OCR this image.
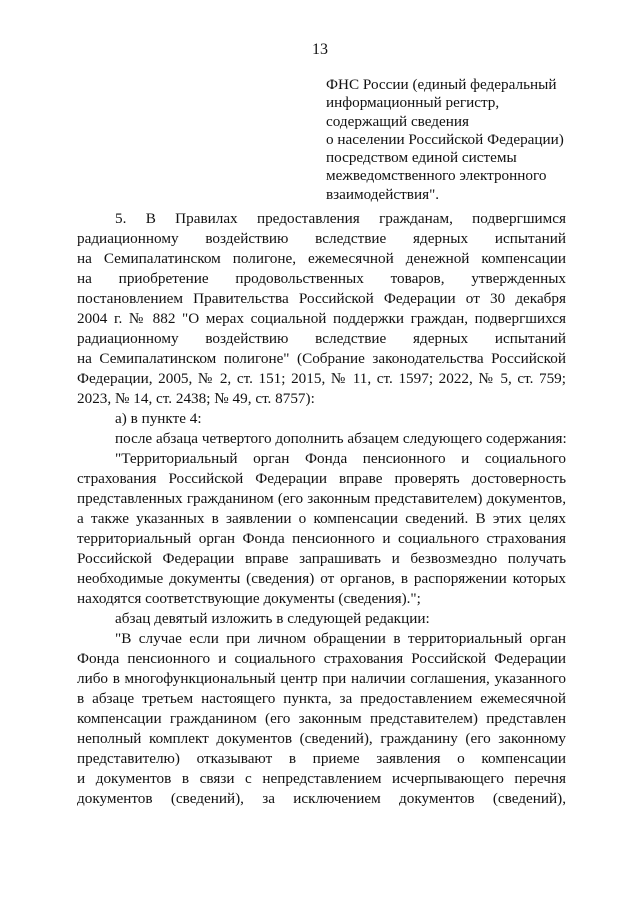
13
ФНС России (единый федеральный
информационный регистр,
содержащий сведения
о населении Российской Федерации)
посредством единой системы
межведомственного электронного
взаимодействия".
5. В Правилах предоставления гражданам, подвергшимся
радиационному воздействию вследствие ядерных испытаний
на Семипалатинском полигоне, ежемесячной денежной компенсации
на приобретение продовольственных товаров, утвержденных
постановлением Правительства Российской Федерации от 30 декабря
2004 г. № 882 "О мерах социальной поддержки граждан, подвергшихся
радиационному воздействию вследствие ядерных испытаний
на Семипалатинском полигоне" (Собрание законодательства Российской
Федерации, 2005, № 2, ст. 151; 2015, № 11, ст. 1597; 2022, № 5, ст. 759;
2023, № 14, ст. 2438; № 49, ст. 8757):
а) в пункте 4:
после абзаца четвертого дополнить абзацем следующего содержания:
"Территориальный орган Фонда пенсионного и социального
страхования Российской Федерации вправе проверять достоверность
представленных гражданином (его законным представителем) документов,
а также указанных в заявлении о компенсации сведений. В этих целях
территориальный орган Фонда пенсионного и социального страхования
Российской Федерации вправе запрашивать и безвозмездно получать
необходимые документы (сведения) от органов, в распоряжении которых
находятся соответствующие документы (сведения).";
абзац девятый изложить в следующей редакции:
"В случае если при личном обращении в территориальный орган
Фонда пенсионного и социального страхования Российской Федерации
либо в многофункциональный центр при наличии соглашения, указанного
в абзаце третьем настоящего пункта, за предоставлением ежемесячной
компенсации гражданином (его законным представителем) представлен
неполный комплект документов (сведений), гражданину (его законному
представителю) отказывают в приеме заявления о компенсации
и документов в связи с непредставлением исчерпывающего перечня
документов (сведений), за исключением документов (сведений),
